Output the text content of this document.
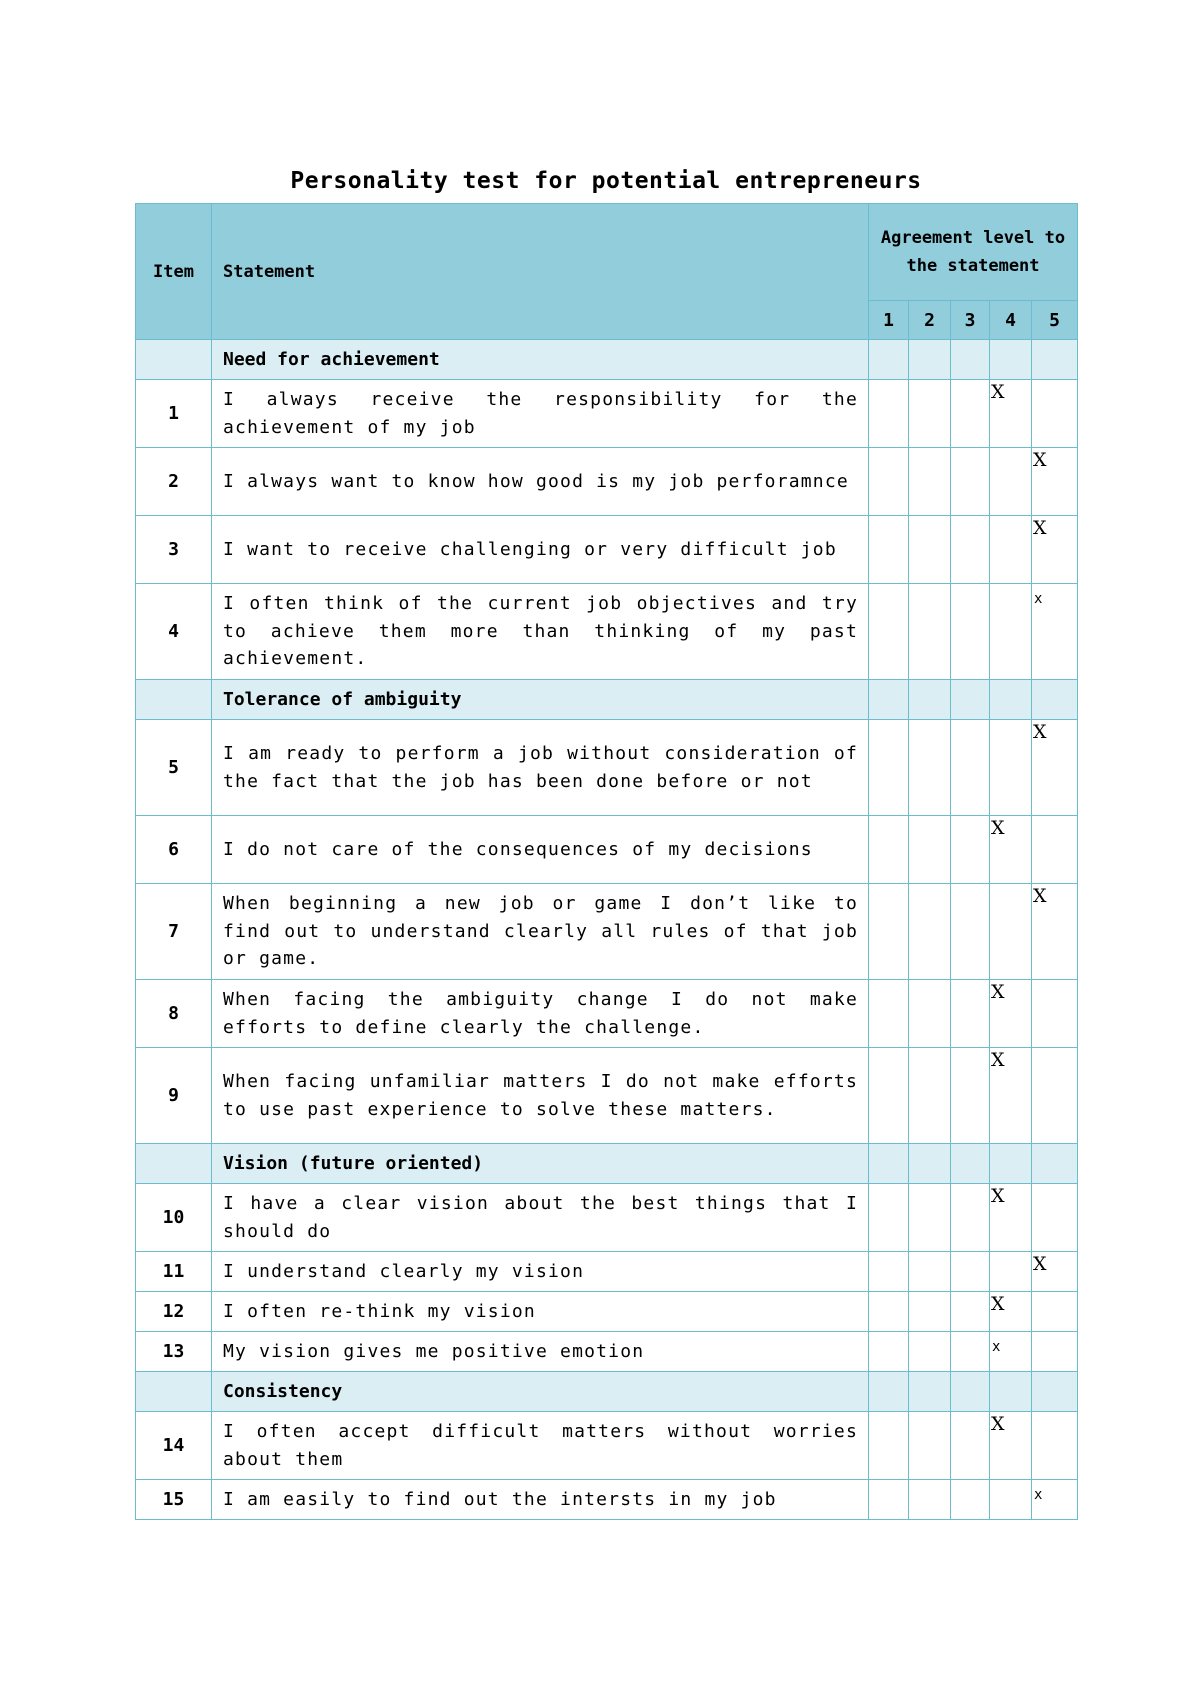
Personality test for potential entrepreneurs
Item	Statement	Agreement level to the statement				
		1	2	3	4	5
	Need for achievement					
1	I always receive the responsibility for the achievement of my job				X	

2	I always want to know how good is my job perforamnce					X

3	I want to receive challenging or very difficult job					X

4	I often think of the current job objectives and try to achieve them more than thinking of my past achievement.					x

	Tolerance of ambiguity					
5	I am ready to perform a job without consideration of the fact that the job has been done before or not					X

6	I do not care of the consequences of my decisions				X	

7	When beginning a new job or game I don’t like to find out to understand clearly all rules of that job or game.					X

8	When facing the ambiguity change I do not make efforts to define clearly the challenge.				X	

9	When facing unfamiliar matters I do not make efforts to use past experience to solve these matters.				X	

	Vision (future oriented)					
10	I have a clear vision about the best things that I should do				X	

11	I understand clearly my vision					X

12	I often re-think my vision				X	

13	My vision gives me positive emotion				x	

	Consistency					
14	I often accept difficult matters without worries about them				X	

15	I am easily to find out the intersts in my job					x
